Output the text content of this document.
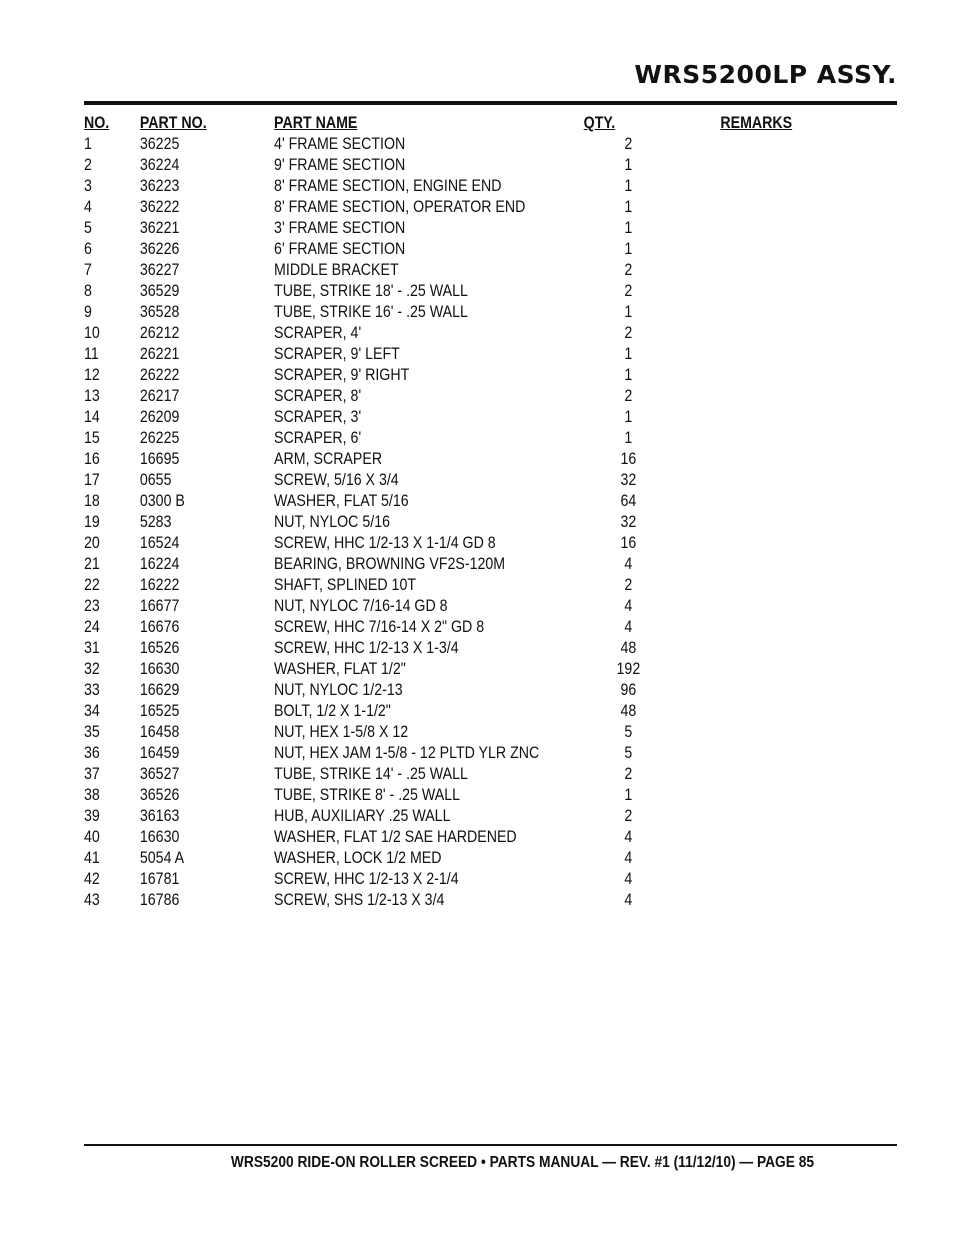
WRS5200LP ASSY.
NO.	PART NO.	PART NAME	QTY.	REMARKS
1	36225	4' FRAME SECTION	2	
2	36224	9' FRAME SECTION	1	
3	36223	8' FRAME SECTION, ENGINE END	1	
4	36222	8' FRAME SECTION, OPERATOR END	1	
5	36221	3' FRAME SECTION	1	
6	36226	6' FRAME SECTION	1	
7	36227	MIDDLE BRACKET	2	
8	36529	TUBE, STRIKE 18' - .25 WALL	2	
9	36528	TUBE, STRIKE 16' - .25 WALL	1	
10	26212	SCRAPER, 4'	2	
11	26221	SCRAPER, 9' LEFT	1	
12	26222	SCRAPER, 9' RIGHT	1	
13	26217	SCRAPER, 8'	2	
14	26209	SCRAPER, 3'	1	
15	26225	SCRAPER, 6'	1	
16	16695	ARM, SCRAPER	16	
17	0655	SCREW, 5/16 X 3/4	32	
18	0300 B	WASHER, FLAT 5/16	64	
19	5283	NUT, NYLOC 5/16	32	
20	16524	SCREW, HHC 1/2-13 X 1-1/4 GD 8	16	
21	16224	BEARING, BROWNING VF2S-120M	4	
22	16222	SHAFT, SPLINED 10T	2	
23	16677	NUT, NYLOC 7/16-14 GD 8	4	
24	16676	SCREW, HHC 7/16-14 X 2" GD 8	4	
31	16526	SCREW, HHC 1/2-13 X 1-3/4	48	
32	16630	WASHER, FLAT 1/2"	192	
33	16629	NUT, NYLOC 1/2-13	96	
34	16525	BOLT, 1/2 X 1-1/2"	48	
35	16458	NUT, HEX 1-5/8 X 12	5	
36	16459	NUT, HEX JAM 1-5/8 - 12 PLTD YLR ZNC	5	
37	36527	TUBE, STRIKE 14' - .25 WALL	2	
38	36526	TUBE, STRIKE 8' - .25 WALL	1	
39	36163	HUB, AUXILIARY .25 WALL	2	
40	16630	WASHER, FLAT 1/2 SAE HARDENED	4	
41	5054 A	WASHER, LOCK 1/2 MED	4	
42	16781	SCREW, HHC 1/2-13 X 2-1/4	4	
43	16786	SCREW, SHS 1/2-13 X 3/4	4	
WRS5200 RIDE-ON ROLLER SCREED • PARTS MANUAL — REV. #1 (11/12/10) — PAGE 85
